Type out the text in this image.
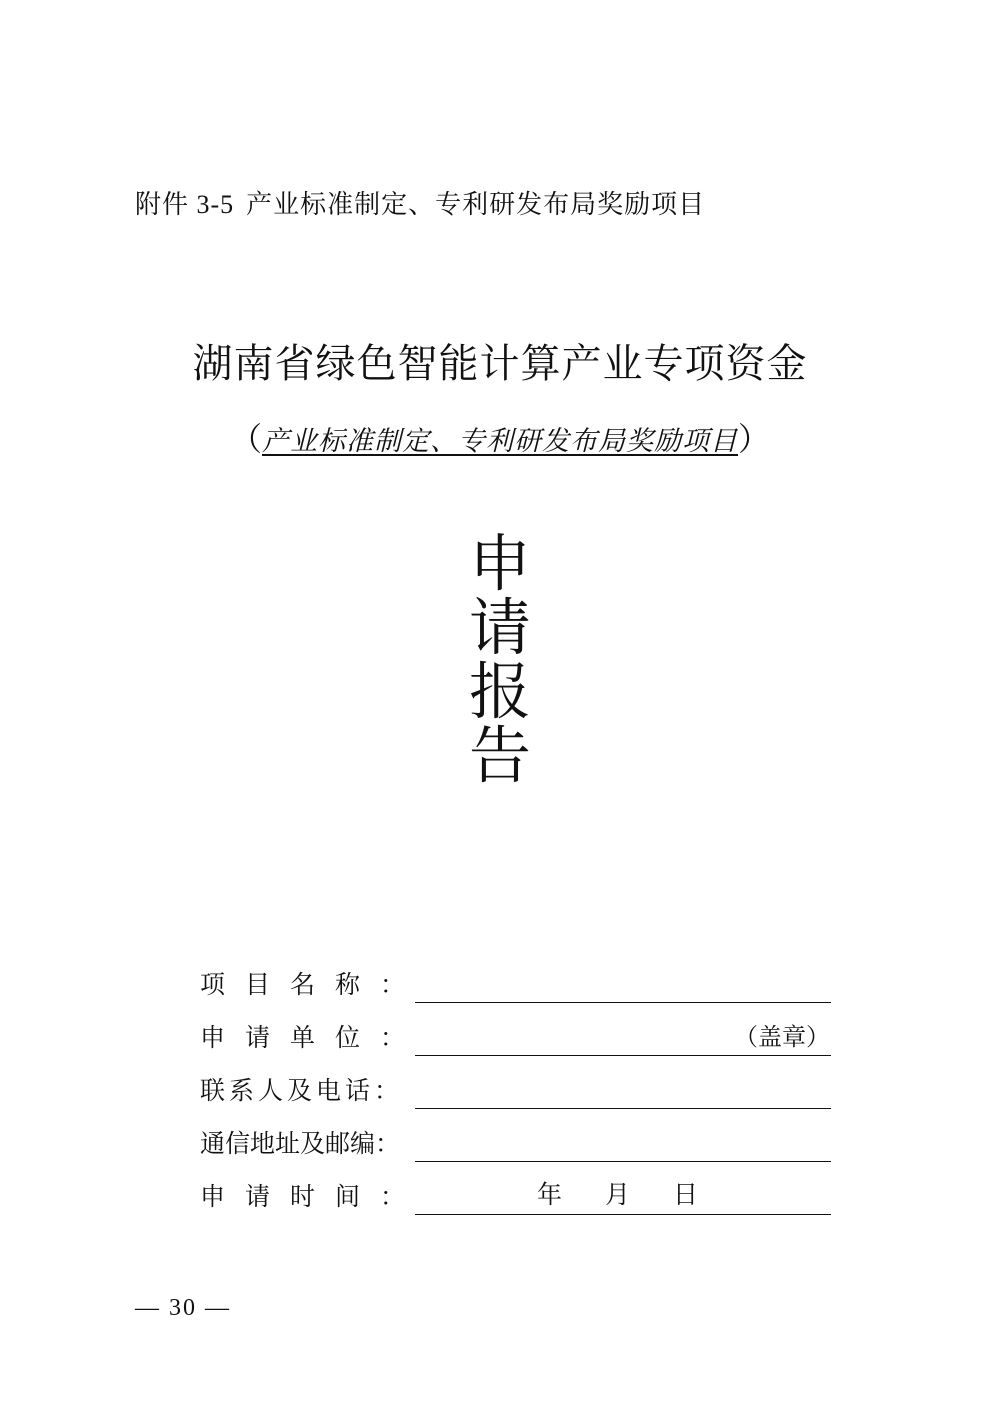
附件 3-5 产业标准制定、专利研发布局奖励项目
湖南省绿色智能计算产业专项资金
（产业标准制定、专利研发布局奖励项目）
申
请
报
告
项目名称：
申请单位：	（盖章）
联系人及电话：
通信地址及邮编：
申请时间：	年 月 日
— 30 —
